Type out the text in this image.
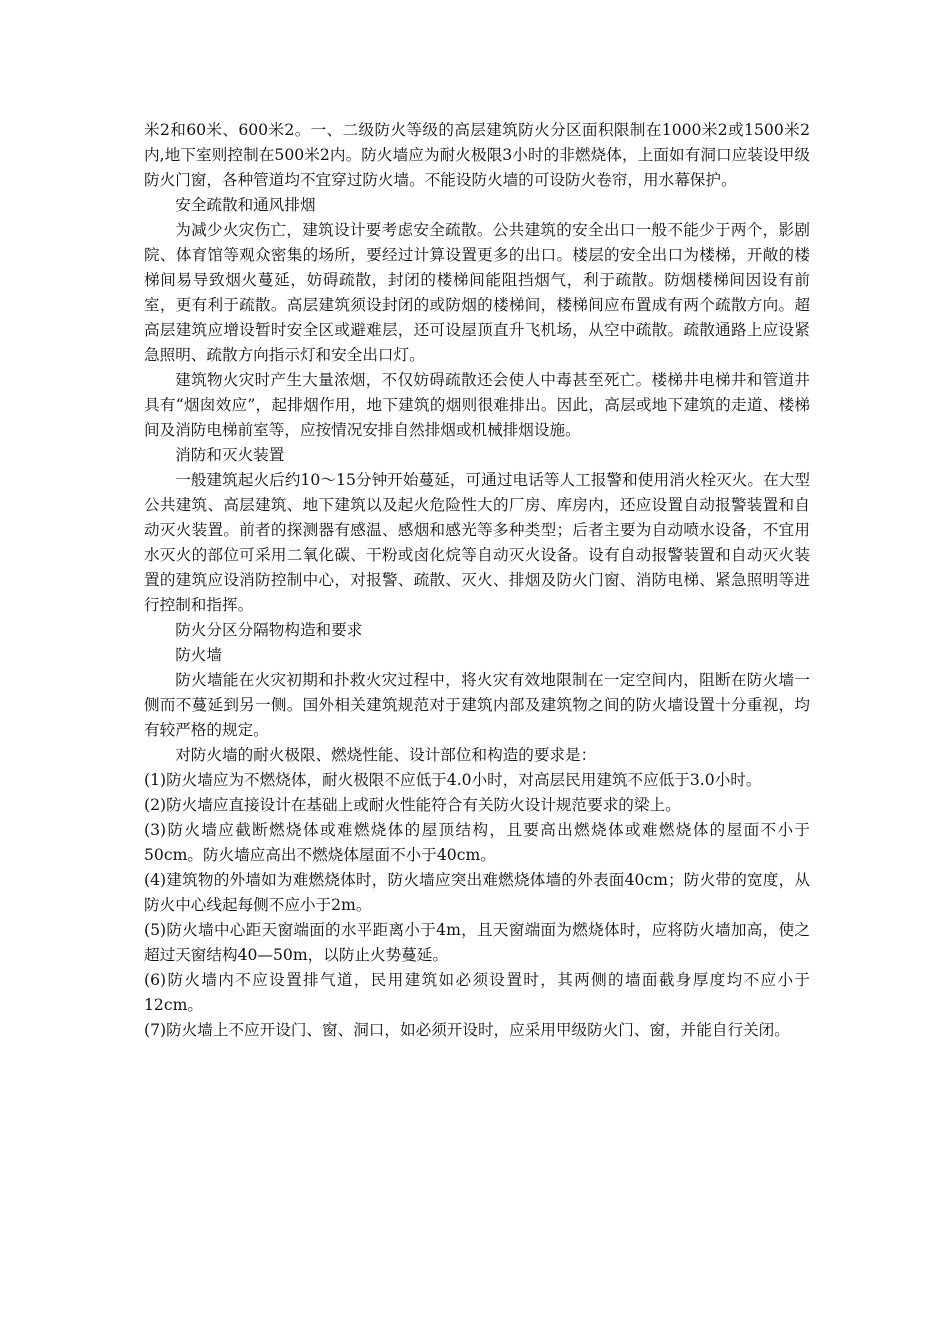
米2和60米、600米2。一、二级防火等级的高层建筑防火分区面积限制在1000米2或1500米2内,地下室则控制在500米2内。防火墙应为耐火极限3小时的非燃烧体，上面如有洞口应装设甲级防火门窗，各种管道均不宜穿过防火墙。不能设防火墙的可设防火卷帘，用水幕保护。

安全疏散和通风排烟

为减少火灾伤亡，建筑设计要考虑安全疏散。公共建筑的安全出口一般不能少于两个，影剧院、体育馆等观众密集的场所，要经过计算设置更多的出口。楼层的安全出口为楼梯，开敞的楼梯间易导致烟火蔓延，妨碍疏散，封闭的楼梯间能阻挡烟气，利于疏散。防烟楼梯间因设有前室，更有利于疏散。高层建筑须设封闭的或防烟的楼梯间，楼梯间应布置成有两个疏散方向。超高层建筑应增设暂时安全区或避难层，还可设屋顶直升飞机场，从空中疏散。疏散通路上应设紧急照明、疏散方向指示灯和安全出口灯。

建筑物火灾时产生大量浓烟，不仅妨碍疏散还会使人中毒甚至死亡。楼梯井电梯井和管道井具有“烟囱效应”，起排烟作用，地下建筑的烟则很难排出。因此，高层或地下建筑的走道、楼梯间及消防电梯前室等，应按情况安排自然排烟或机械排烟设施。

消防和灭火装置

一般建筑起火后约10～15分钟开始蔓延，可通过电话等人工报警和使用消火栓灭火。在大型公共建筑、高层建筑、地下建筑以及起火危险性大的厂房、库房内，还应设置自动报警装置和自动灭火装置。前者的探测器有感温、感烟和感光等多种类型；后者主要为自动喷水设备，不宜用水灭火的部位可采用二氧化碳、干粉或卤化烷等自动灭火设备。设有自动报警装置和自动灭火装置的建筑应设消防控制中心，对报警、疏散、灭火、排烟及防火门窗、消防电梯、紧急照明等进行控制和指挥。

防火分区分隔物构造和要求

防火墙

防火墙能在火灾初期和扑救火灾过程中，将火灾有效地限制在一定空间内，阻断在防火墙一侧而不蔓延到另一侧。国外相关建筑规范对于建筑内部及建筑物之间的防火墙设置十分重视，均有较严格的规定。

对防火墙的耐火极限、燃烧性能、设计部位和构造的要求是：

(1)防火墙应为不燃烧体，耐火极限不应低于4.0小时，对高层民用建筑不应低于3.0小时。

(2)防火墙应直接设计在基础上或耐火性能符合有关防火设计规范要求的梁上。

(3)防火墙应截断燃烧体或难燃烧体的屋顶结构，且要高出燃烧体或难燃烧体的屋面不小于50cm。防火墙应高出不燃烧体屋面不小于40cm。

(4)建筑物的外墙如为难燃烧体时，防火墙应突出难燃烧体墙的外表面40cm；防火带的宽度，从防火中心线起每侧不应小于2m。

(5)防火墙中心距天窗端面的水平距离小于4m，且天窗端面为燃烧体时，应将防火墙加高，使之超过天窗结构40—50m，以防止火势蔓延。

(6)防火墙内不应设置排气道，民用建筑如必须设置时，其两侧的墙面截身厚度均不应小于12cm。

(7)防火墙上不应开设门、窗、洞口，如必须开设时，应采用甲级防火门、窗，并能自行关闭。
